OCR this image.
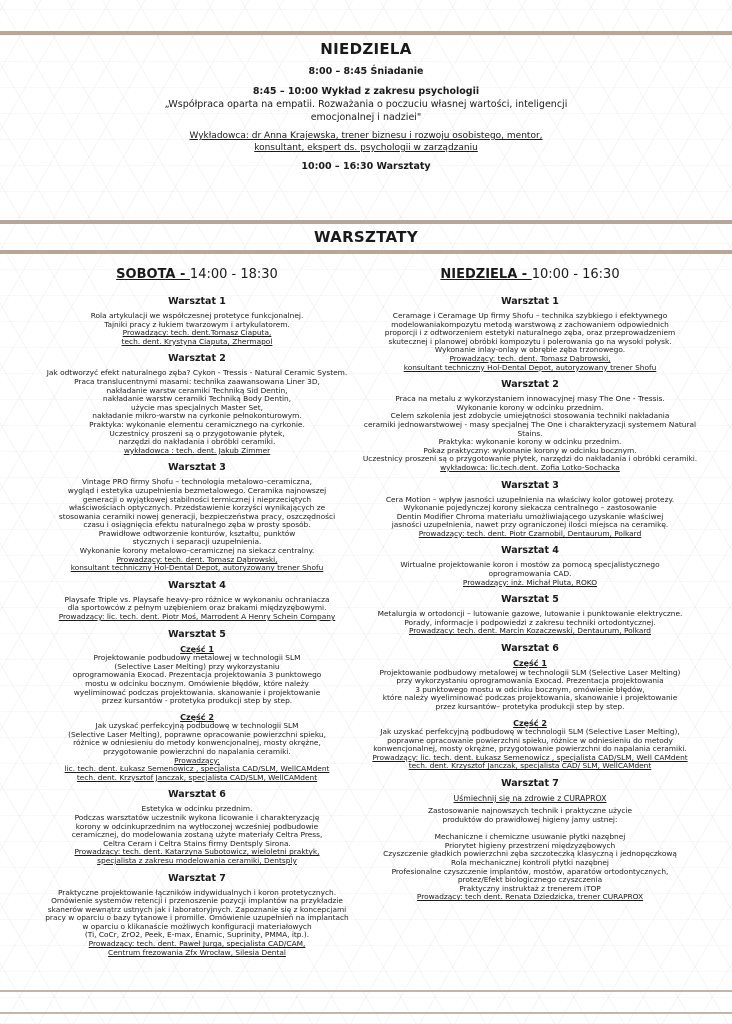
NIEDZIELA
8:00 – 8:45 Śniadanie
8:45 – 10:00 Wykład z zakresu psychologii
„Współpraca oparta na empatii. Rozważania o poczuciu własnej wartości, inteligencji emocjonalnej i nadziei"
Wykładowca: dr Anna Krajewska, trener biznesu i rozwoju osobistego, mentor, konsultant, ekspert ds. psychologii w zarządzaniu
10:00 – 16:30 Warsztaty
WARSZTATY
SOBOTA - 14:00 - 18:30
Warsztat 1
Rola artykulacji we współczesnej protetyce funkcjonalnej.
Tajniki pracy z łukiem twarzowym i artykulatorem.
Prowadzący: tech. dent.Tomasz Ciaputa,
tech. dent. Krystyna Ciaputa, Zhermapol
Warsztat 2
Jak odtworzyć efekt naturalnego zęba? Cykon - Tressis - Natural Ceramic System.
Praca translucentnymi masami: technika zaawansowana Liner 3D,
nakładanie warstw ceramiki Techniką Sid Dentin,
nakładanie warstw ceramiki Techniką Body Dentin,
użycie mas specjalnych Master Set,
nakładanie mikro-warstw na cyrkonie pełnokonturowym.
Praktyka: wykonanie elementu ceramicznego na cyrkonie.
Uczestnicy proszeni są o przygotowanie płytek,
narzędzi do nakładania i obróbki ceramiki.
wykładowca : tech. dent. Jakub Zimmer
Warsztat 3
Vintage PRO firmy Shofu – technologia metalowo–ceramiczna,
wygląd i estetyka uzupełnienia bezmetalowego. Ceramika najnowszej
generacji o wyjątkowej stabilności termicznej i nieprzeciętych
właściwościach optycznych. Przedstawienie korzyści wynikających ze
stosowania ceramiki nowej generacji, bezpieczeństwa pracy, oszczędności
czasu i osiągnięcia efektu naturalnego zęba w prosty sposób.
Prawidłowe odtworzenie konturów, kształtu, punktów
stycznych i separacji uzupełnienia.
Wykonanie korony metalowo–ceramicznej na siekacz centralny.
Prowadzący: tech. dent. Tomasz Dąbrowski,
konsultant techniczny Hol-Dental Depot, autoryzowany trener Shofu
Warsztat 4
Playsafe Triple vs. Playsafe heavy-pro różnice w wykonaniu ochraniacza
dla sportowców z pełnym uzębieniem oraz brakami międzyzębowymi.
Prowadzący: lic. tech. dent. Piotr Moś, Marrodent A Henry Schein Company
Warsztat 5
Część 1
Projektowanie podbudowy metalowej w technologii SLM
(Selective Laser Melting) przy wykorzystaniu
oprogramowania Exocad. Prezentacja projektowania 3 punktowego
mostu w odcinku bocznym. Omówienie błędów, które należy
wyeliminować podczas projektowania. skanowanie i projektowanie
przez kursantów - protetyka produkcji step by step.
Część 2
Jak uzyskać perfekcyjną podbudowę w technologii SLM
(Selective Laser Melting), poprawne opracowanie powierzchni spieku,
różnice w odniesieniu do metody konwencjonalnej, mosty okrężne,
przygotowanie powierzchni do napalania ceramiki.
Prowadzący:
lic. tech. dent. Łukasz Semenowicz , specjalista CAD/SLM, WellCAMdent
tech. dent. Krzysztof Janczak, specjalista CAD/SLM, WellCAMdent
Warsztat 6
Estetyka w odcinku przednim.
Podczas warsztatów uczestnik wykona licowanie i charakteryzację
korony w odcinkuprzednim na wytłoczonej wcześniej podbudowie
ceramicznej, do modelowania zostaną użyte materiały Celtra Press,
Celtra Ceram i Celtra Stains firmy Dentsply Sirona.
Prowadzący: tech. dent. Katarzyna Subotowicz, wieloletni praktyk,
specjalista z zakresu modelowania ceramiki, Dentsply
Warsztat 7
Praktyczne projektowanie łączników indywidualnych i koron protetycznych.
Omówienie systemów retencji i przenoszenie pozycji implantów na przykładzie
skanerów wewnątrz ustnych jak i laboratoryjnych. Zapoznanie się z koncepcjami
pracy w oparciu o bazy tytanowe i promille. Omówienie uzupełnień na implantach
w oparciu o klikanaście możliwych konfiguracji materiałowych
(Ti, CoCr, ZrO2, Peek, E-max, Enamic, Suprinity, PMMA, itp.).
Prowadzący: tech. dent. Paweł Jurga, specjalista CAD/CAM,
Centrum frezowania Zfx Wrocław, Silesia Dental
NIEDZIELA - 10:00 - 16:30
Warsztat 1
Ceramage i Ceramage Up firmy Shofu – technika szybkiego i efektywnego
modelowaniakompozytu metodą warstwową z zachowaniem odpowiednich
proporcji i z odtworzeniem estetyki naturalnego zęba, oraz przeprowadzeniem
skutecznej i planowej obróbki kompozytu i polerowania go na wysoki połysk.
Wykonanie inlay-onlay w obrębie zęba trzonowego.
Prowadzący: tech. dent. Tomasz Dąbrowski,
konsultant techniczny Hol-Dental Depot, autoryzowany trener Shofu
Warsztat 2
Praca na metalu z wykorzystaniem innowacyjnej masy The One - Tressis.
Wykonanie korony w odcinku przednim.
Celem szkolenia jest zdobycie umiejętności stosowania techniki nakładania
ceramiki jednowarstwowej - masy specjalnej The One i charakteryzacji systemem Natural Stains.
Praktyka: wykonanie korony w odcinku przednim.
Pokaz praktyczny: wykonanie korony w odcinku bocznym.
Uczestnicy proszeni są o przygotowanie płytek, narzędzi do nakładania i obróbki ceramiki.
wykładowca: lic.tech.dent. Zofia Lotko-Sochacka
Warsztat 3
Cera Motion – wpływ jasności uzupełnienia na właściwy kolor gotowej protezy.
Wykonanie pojedynczej korony siekacza centralnego – zastosowanie
Dentin Modifier Chroma materiału umożliwiającego uzyskanie właściwej
jasności uzupełnienia, nawet przy ograniczonej ilości miejsca na ceramikę.
Prowadzący: tech. dent. Piotr Czarnobil, Dentaurum, Polkard
Warsztat 4
Wirtualne projektowanie koron i mostów za pomocą specjalistycznego
oprogramowania CAD.
Prowadzący: inż. Michał Pluta, ROKO
Warsztat 5
Metalurgia w ortodoncji – lutowanie gazowe, lutowanie i punktowanie elektryczne.
Porady, informacje i podpowiedzi z zakresu techniki ortodontycznej.
Prowadzący: tech. dent. Marcin Kozaczewski, Dentaurum, Polkard
Warsztat 6
Część 1
Projektowanie podbudowy metalowej w technologii SLM (Selective Laser Melting)
przy wykorzystaniu oprogramowania Exocad. Prezentacja projektowania
3 punktowego mostu w odcinku bocznym, omówienie błędów,
które należy wyeliminować podczas projektowania, skanowanie i projektowanie
przez kursantów– protetyka produkcji step by step.
Część 2
Jak uzyskać perfekcyjną podbudowę w technologii SLM (Selective Laser Melting),
poprawne opracowanie powierzchni spieku, różnice w odniesieniu do metody
konwencjonalnej, mosty okrężne, przygotowanie powierzchni do napalania ceramiki.
Prowadzący: lic. tech. dent. Łukasz Semenowicz , specjalista CAD/SLM, Well CAMdent
tech. dent. Krzysztof Janczak, specjalista CAD/ SLM, WellCAMdent
Warsztat 7
Uśmiechnij się na zdrowie z CURAPROX
Zastosowanie najnowszych technik i praktyczne użycie
produktów do prawidłowej higieny jamy ustnej:

Mechaniczne i chemiczne usuwanie płytki nazębnej
Priorytet higieny przestrzeni międzyzębowych
Czyszczenie gładkich powierzchni zęba szczoteczką klasyczną i jednopęczkową
Rola mechanicznej kontroli płytki nazębnej
Profesionalne czyszczenie implantów, mostów, aparatów ortodontycznych,
protez/Efekt biologicznego czyszczenia
Praktyczny instruktaż z trenerem iTOP
Prowadzący: tech dent. Renata Dziedzicka, trener CURAPROX
